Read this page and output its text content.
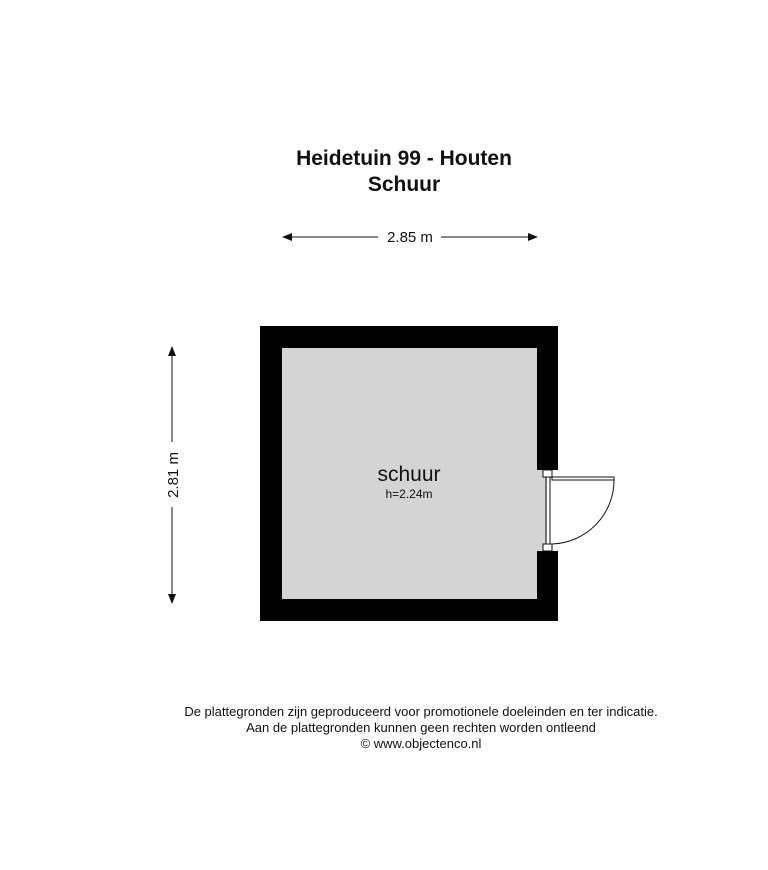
Heidetuin 99 - Houten
Schuur
2.85 m
2.81 m	schuur
h=2.24m
De plattegronden zijn geproduceerd voor promotionele doeleinden en ter indicatie.
Aan de plattegronden kunnen geen rechten worden ontleend
© www.objectenco.nl
